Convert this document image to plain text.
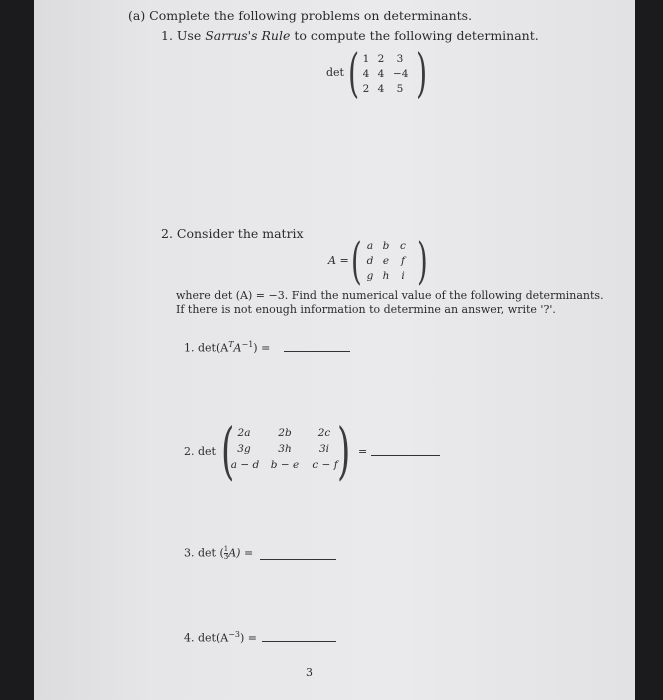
(a) Complete the following problems on determinants.
1. Use Sarrus's Rule to compute the following determinant.
det ( )
1 2	3
4 4 −4
2 4	5
2. Consider the matrix
A = ( )
a b	c
d e	f
g h	i
where det (A) = −3. Find the numerical value of the following determinants.
If there is not enough information to determine an answer, write '?'.
1. $\det(A^TA^{-1})$ =
2. det ( )
2a	2b	2c
3g	3h	3i
a − d	b − e	c − f
=
3. det ( $\frac{1}{3} A$) =
4. $\det(A^{-3})$ =
3
